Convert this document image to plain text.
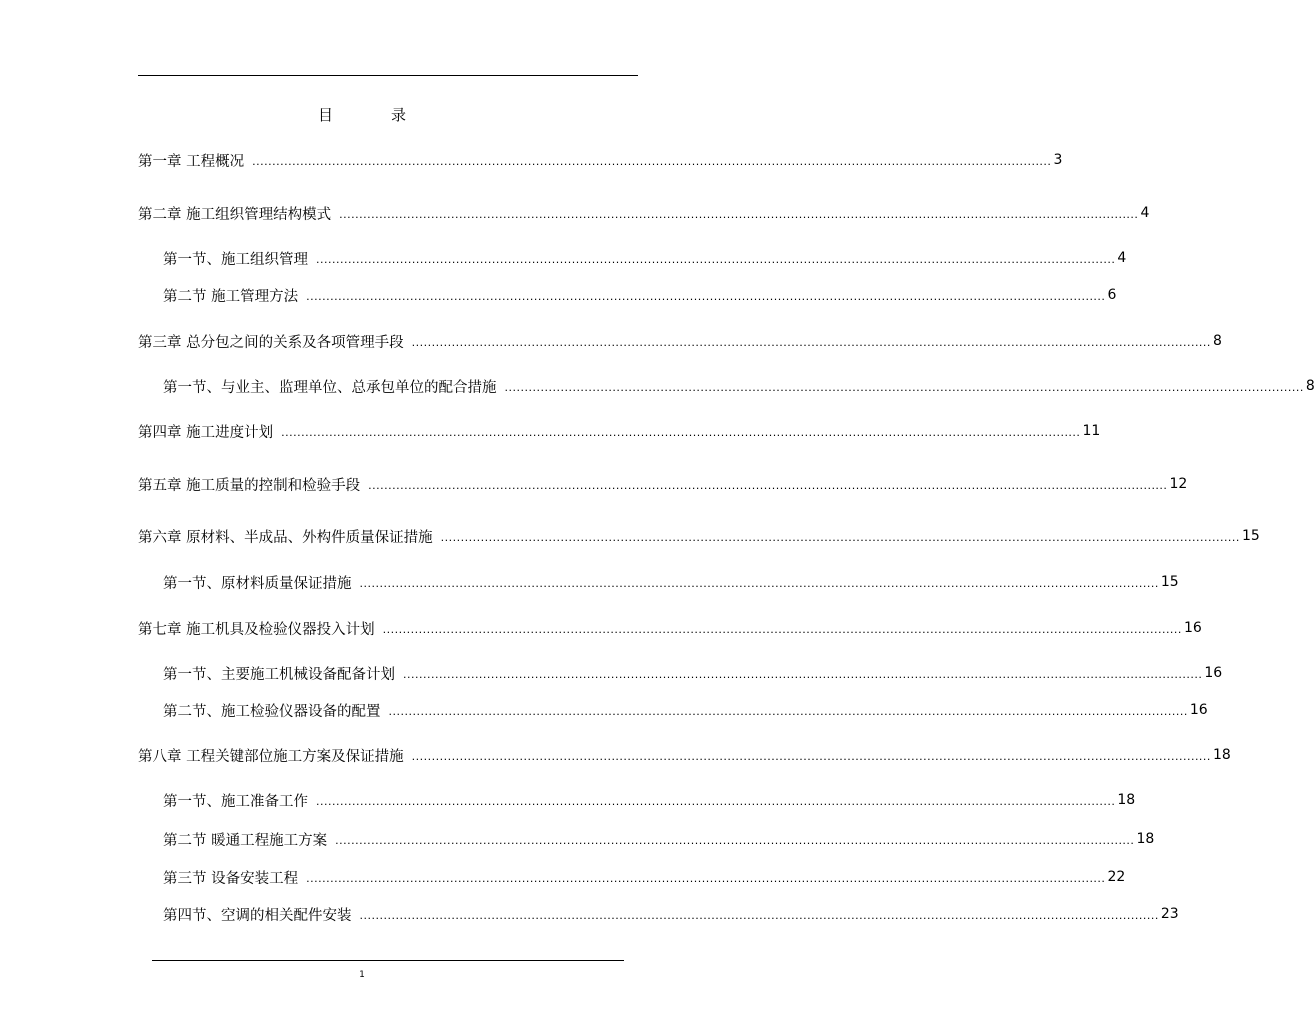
目	录
第一章 工程概况 ........................................................................................................................................................................................................ 3
第二章 施工组织管理结构模式 ........................................................................................................................................................................................................ 4
第一节、施工组织管理 ........................................................................................................................................................................................................ 4
第二节 施工管理方法 ........................................................................................................................................................................................................ 6
第三章 总分包之间的关系及各项管理手段 ........................................................................................................................................................................................................ 8
第一节、与业主、监理单位、总承包单位的配合措施 ........................................................................................................................................................................................................ 8
第四章 施工进度计划 ........................................................................................................................................................................................................ 11
第五章 施工质量的控制和检验手段 ........................................................................................................................................................................................................ 12
第六章 原材料、半成品、外构件质量保证措施 ........................................................................................................................................................................................................ 15
第一节、原材料质量保证措施 ........................................................................................................................................................................................................ 15
第七章 施工机具及检验仪器投入计划 ........................................................................................................................................................................................................ 16
第一节、主要施工机械设备配备计划 ........................................................................................................................................................................................................ 16
第二节、施工检验仪器设备的配置 ........................................................................................................................................................................................................ 16
第八章 工程关键部位施工方案及保证措施 ........................................................................................................................................................................................................ 18
第一节、施工准备工作 ........................................................................................................................................................................................................ 18
第二节 暖通工程施工方案 ........................................................................................................................................................................................................ 18
第三节 设备安装工程 ........................................................................................................................................................................................................ 22
第四节、空调的相关配件安装 ........................................................................................................................................................................................................ 23
1
